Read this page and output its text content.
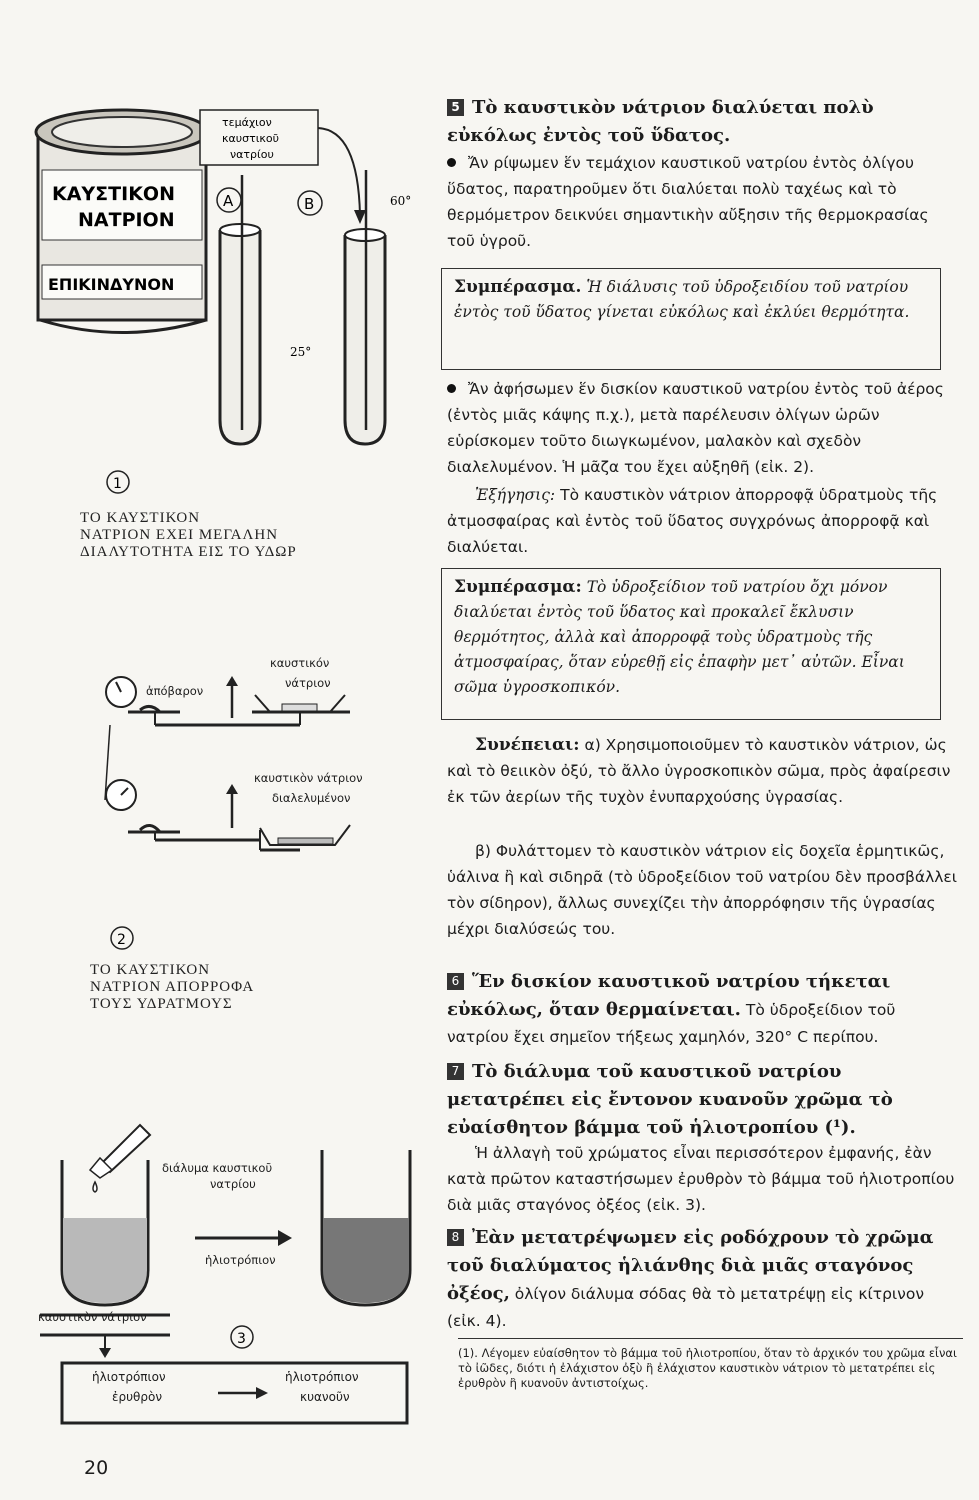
ΚΑΥΣΤΙΚΟΝ
ΝΑΤΡΙΟΝ
ΕΠΙΚΙΝΔΥΝΟΝ
τεμάχιον
καυστικοῦ
νατρίου
A	B
25°
60°
1
ΤΟ ΚΑΥΣΤΙΚΟΝ
ΝΑΤΡΙΟΝ ΕΧΕΙ ΜΕΓΑΛΗΝ
ΔΙΑΛΥΤΟΤΗΤΑ ΕΙΣ ΤΟ ΥΔΩΡ
2
καυστικόν
νάτριον
ἀπόβαρον
καυστικὸν νάτριον
διαλελυμένον
ΤΟ ΚΑΥΣΤΙΚΟΝ
ΝΑΤΡΙΟΝ ΑΠΟΡΡΟΦΑ
ΤΟΥΣ ΥΔΡΑΤΜΟΥΣ
3
διάλυμα καυστικοῦ
νατρίου
ἡλιοτρόπιον
καυστικὸν νάτριον
ἡλιοτρόπιον
ἐρυθρὸν
ἡλιοτρόπιον
κυανοῦν
5 Τὸ καυστικὸν νάτριον διαλύεται πολὺ εὐκόλως ἐντὸς τοῦ ὕδατος.
Ἄν ρίψωμεν ἕν τεμάχιον καυστικοῦ νατρίου ἐντὸς ὀλίγου ὕδατος, παρατηροῦμεν ὅτι διαλύεται πολὺ ταχέως καὶ τὸ θερμόμετρον δεικνύει σημαντικὴν αὔξησιν τῆς θερμοκρασίας τοῦ ὑγροῦ.
Συμπέρασμα. Ἡ διάλυσις τοῦ ὑδροξειδίου τοῦ νατρίου ἐντὸς τοῦ ὕδατος γίνεται εὐκόλως καὶ ἐκλύει θερμότητα.
Ἄν ἀφήσωμεν ἕν δισκίον καυστικοῦ νατρίου ἐντὸς τοῦ ἀέρος (ἐντὸς μιᾶς κάψης π.χ.), μετὰ παρέλευσιν ὀλίγων ὡρῶν εὑρίσκομεν τοῦτο διωγκωμένον, μαλακὸν καὶ σχεδὸν διαλελυμένον. Ἡ μᾶζα του ἔχει αὐξηθῆ (εἰκ. 2).
Ἐξήγησις: Τὸ καυστικὸν νάτριον ἀπορροφᾷ ὑδρατμοὺς τῆς ἀτμοσφαίρας καὶ ἐντὸς τοῦ ὕδατος συγχρόνως ἀπορροφᾷ καὶ διαλύεται.
Συμπέρασμα: Τὸ ὑδροξείδιον τοῦ νατρίου ὄχι μόνον διαλύεται ἐντὸς τοῦ ὕδατος καὶ προκαλεῖ ἔκλυσιν θερμότητος, ἀλλὰ καὶ ἀπορροφᾷ τοὺς ὑδρατμοὺς τῆς ἀτμοσφαίρας, ὅταν εὑρεθῇ εἰς ἐπαφὴν μετ᾽ αὐτῶν. Εἶναι σῶμα ὑγροσκοπικόν.
Συνέπειαι: α) Χρησιμοποιοῦμεν τὸ καυστικὸν νάτριον, ὡς καὶ τὸ θειικὸν ὀξύ, τὸ ἄλλο ὑγροσκοπικὸν σῶμα, πρὸς ἀφαίρεσιν ἐκ τῶν ἀερίων τῆς τυχὸν ἐνυπαρχούσης ὑγρασίας.
β) Φυλάττομεν τὸ καυστικὸν νάτριον εἰς δοχεῖα ἑρμητικῶς, ὑάλινα ἢ καὶ σιδηρᾶ (τὸ ὑδροξείδιον τοῦ νατρίου δὲν προσβάλλει τὸν σίδηρον), ἄλλως συνεχίζει τὴν ἀπορρόφησιν τῆς ὑγρασίας μέχρι διαλύσεώς του.
6 Ἕν δισκίον καυστικοῦ νατρίου τήκεται εὐκόλως, ὅταν θερμαίνεται. Τὸ ὑδροξείδιον τοῦ νατρίου ἔχει σημεῖον τήξεως χαμηλόν, 320° C περίπου.
7 Τὸ διάλυμα τοῦ καυστικοῦ νατρίου μετατρέπει εἰς ἔντονον κυανοῦν χρῶμα τὸ εὐαίσθητον βάμμα τοῦ ἡλιοτροπίου (¹).
Ἡ ἀλλαγὴ τοῦ χρώματος εἶναι περισσότερον ἐμφανής, ἐὰν κατὰ πρῶτον καταστήσωμεν ἐρυθρὸν τὸ βάμμα τοῦ ἡλιοτροπίου διὰ μιᾶς σταγόνος ὀξέος (εἰκ. 3).
8 Ἐὰν μετατρέψωμεν εἰς ροδόχρουν τὸ χρῶμα τοῦ διαλύματος ἡλιάνθης διὰ μιᾶς σταγόνος ὀξέος, ὀλίγον διάλυμα σόδας θὰ τὸ μετατρέψῃ εἰς κίτρινον (εἰκ. 4).
(1). Λέγομεν εὐαίσθητον τὸ βάμμα τοῦ ἡλιοτροπίου, ὅταν τὸ ἀρχικόν του χρῶμα εἶναι τὸ ἰῶδες, διότι ἡ ἐλάχιστον ὀξὺ ἢ ἐλάχιστον καυστικὸν νάτριον τὸ μετατρέπει εἰς ἐρυθρὸν ἢ κυανοῦν ἀντιστοίχως.
20
